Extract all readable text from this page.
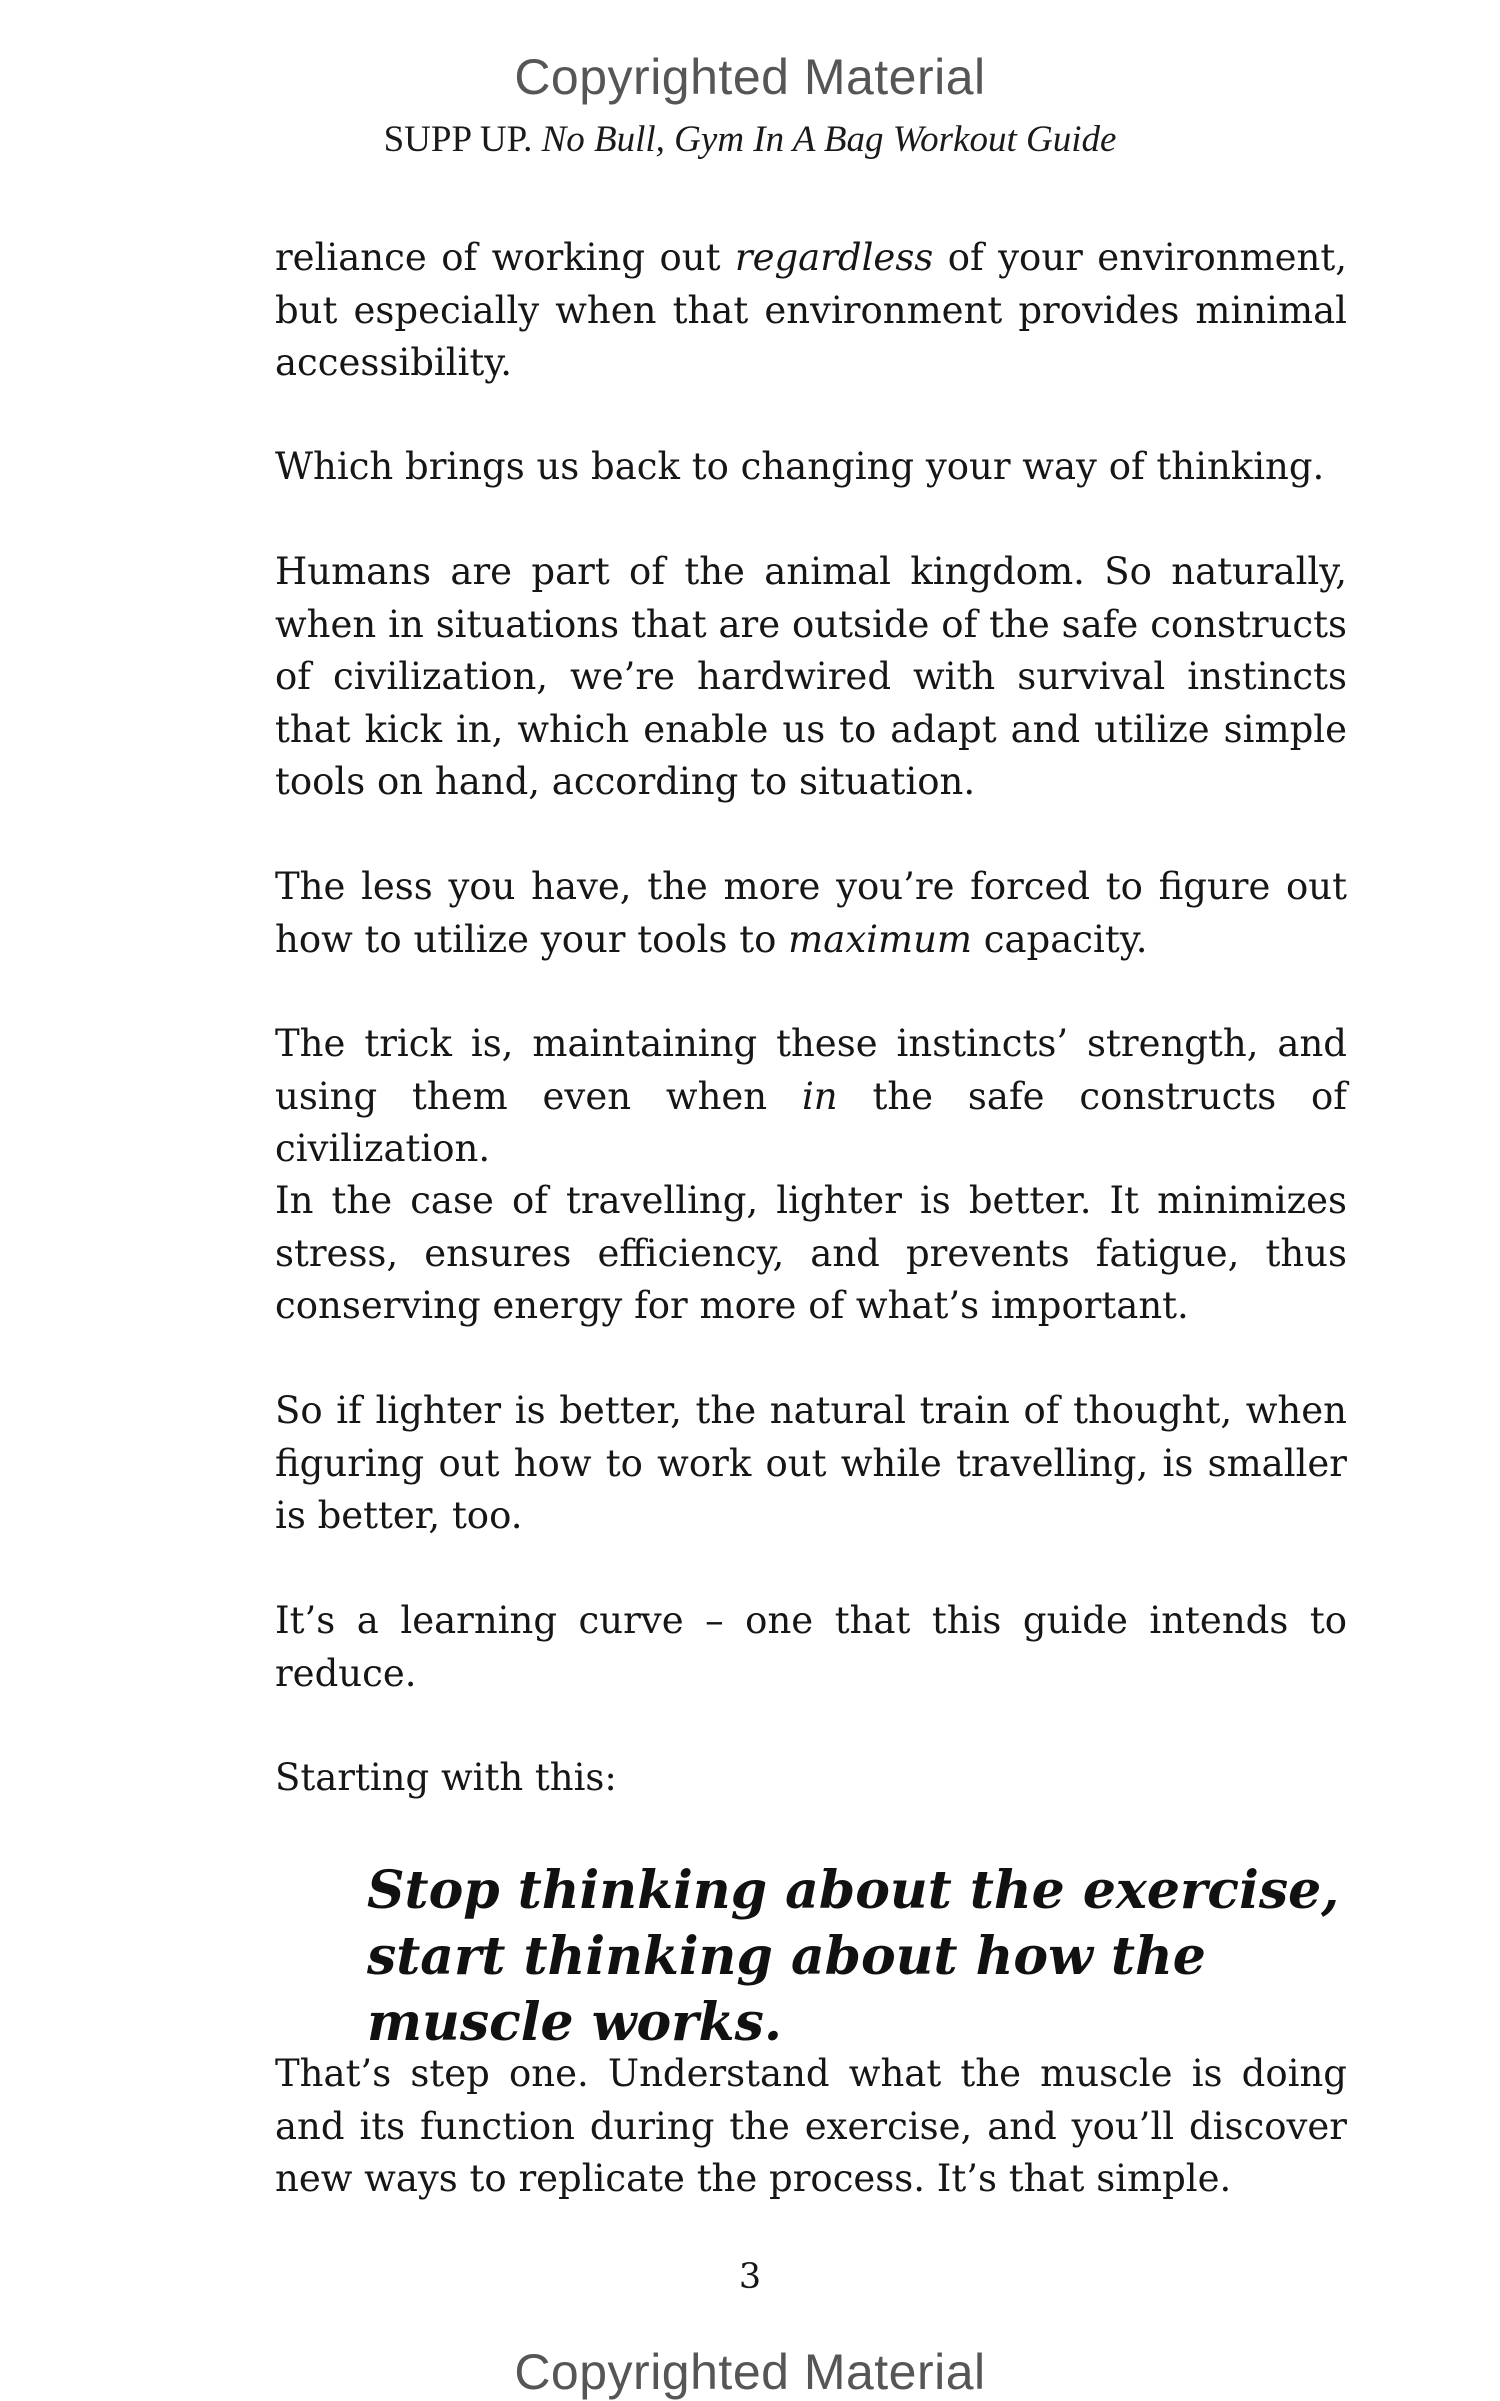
Copyrighted Material

SUPP UP. No Bull, Gym In A Bag Workout Guide

reliance of working out regardless of your environment, but especially when that environment provides minimal accessibility.

Which brings us back to changing your way of thinking.

Humans are part of the animal kingdom. So naturally, when in situations that are outside of the safe constructs of civilization, we’re hardwired with survival instincts that kick in, which enable us to adapt and utilize simple tools on hand, according to situation.

The less you have, the more you’re forced to figure out how to utilize your tools to maximum capacity.

The trick is, maintaining these instincts’ strength, and using them even when in the safe constructs of civilization.

In the case of travelling, lighter is better. It minimizes stress, ensures efficiency, and prevents fatigue, thus conserving energy for more of what’s important.

So if lighter is better, the natural train of thought, when figuring out how to work out while travelling, is smaller is better, too.

It’s a learning curve – one that this guide intends to reduce.

Starting with this:

Stop thinking about the exercise, start thinking about how the muscle works.

That’s step one. Understand what the muscle is doing and its function during the exercise, and you’ll discover new ways to replicate the process. It’s that simple.

3

Copyrighted Material
